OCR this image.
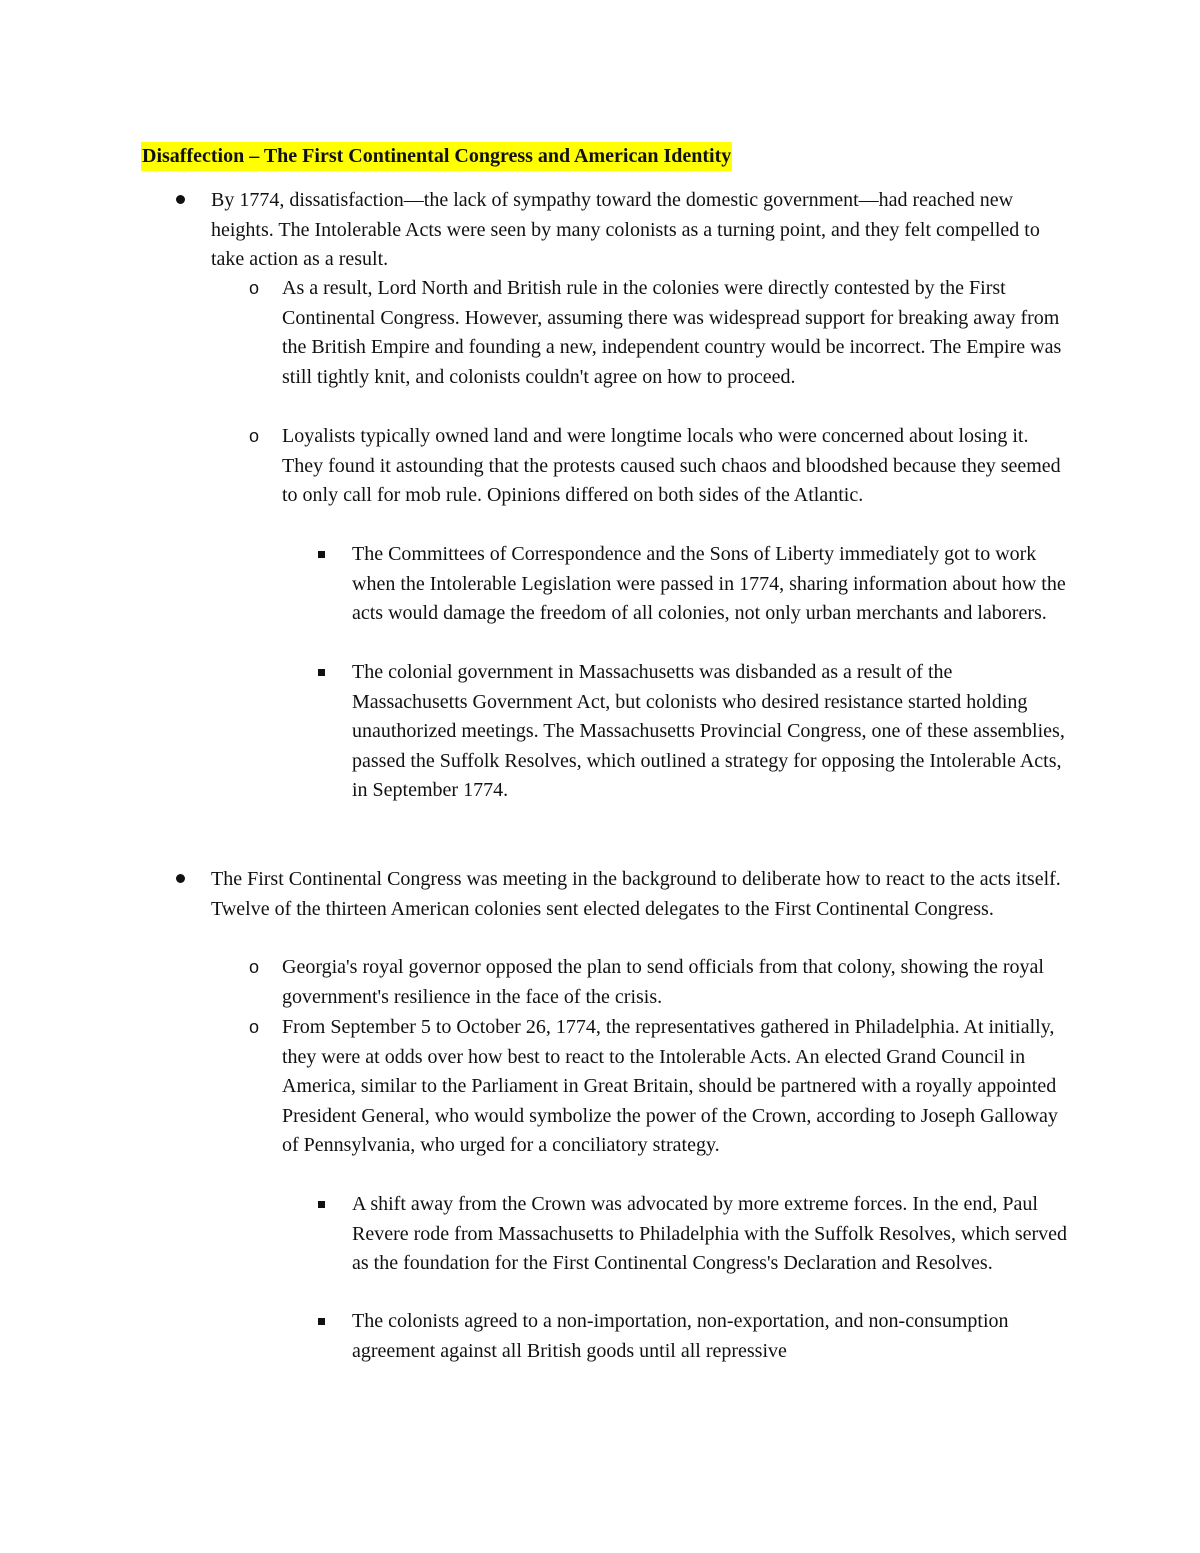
Disaffection – The First Continental Congress and American Identity
By 1774, dissatisfaction—the lack of sympathy toward the domestic government—had reached new heights. The Intolerable Acts were seen by many colonists as a turning point, and they felt compelled to take action as a result.
o As a result, Lord North and British rule in the colonies were directly contested by the First Continental Congress. However, assuming there was widespread support for breaking away from the British Empire and founding a new, independent country would be incorrect. The Empire was still tightly knit, and colonists couldn't agree on how to proceed.
o Loyalists typically owned land and were longtime locals who were concerned about losing it. They found it astounding that the protests caused such chaos and bloodshed because they seemed to only call for mob rule. Opinions differed on both sides of the Atlantic.
The Committees of Correspondence and the Sons of Liberty immediately got to work when the Intolerable Legislation were passed in 1774, sharing information about how the acts would damage the freedom of all colonies, not only urban merchants and laborers.
The colonial government in Massachusetts was disbanded as a result of the Massachusetts Government Act, but colonists who desired resistance started holding unauthorized meetings. The Massachusetts Provincial Congress, one of these assemblies, passed the Suffolk Resolves, which outlined a strategy for opposing the Intolerable Acts, in September 1774.
The First Continental Congress was meeting in the background to deliberate how to react to the acts itself. Twelve of the thirteen American colonies sent elected delegates to the First Continental Congress.
o Georgia's royal governor opposed the plan to send officials from that colony, showing the royal government's resilience in the face of the crisis.
o From September 5 to October 26, 1774, the representatives gathered in Philadelphia. At initially, they were at odds over how best to react to the Intolerable Acts. An elected Grand Council in America, similar to the Parliament in Great Britain, should be partnered with a royally appointed President General, who would symbolize the power of the Crown, according to Joseph Galloway of Pennsylvania, who urged for a conciliatory strategy.
A shift away from the Crown was advocated by more extreme forces. In the end, Paul Revere rode from Massachusetts to Philadelphia with the Suffolk Resolves, which served as the foundation for the First Continental Congress's Declaration and Resolves.
The colonists agreed to a non-importation, non-exportation, and non-consumption agreement against all British goods until all repressive
